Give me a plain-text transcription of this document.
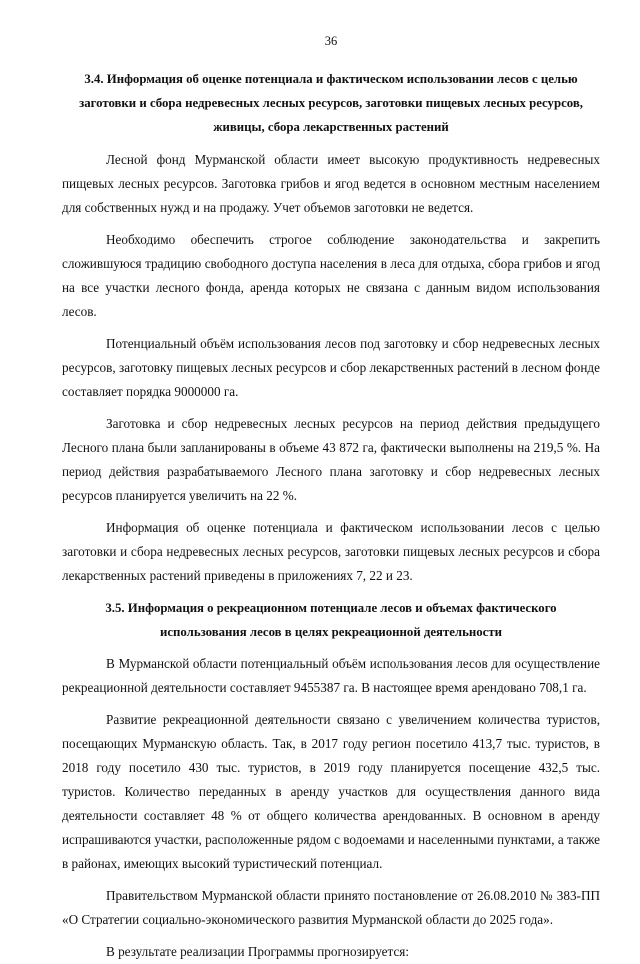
36
3.4. Информация об оценке потенциала и фактическом использовании лесов с целью заготовки и сбора недревесных лесных ресурсов, заготовки пищевых лесных ресурсов, живицы, сбора лекарственных растений

Лесной фонд Мурманской области имеет высокую продуктивность недревесных пищевых лесных ресурсов. Заготовка грибов и ягод ведется в основном местным населением для собственных нужд и на продажу. Учет объемов заготовки не ведется.

Необходимо обеспечить строгое соблюдение законодательства и закрепить сложившуюся традицию свободного доступа населения в леса для отдыха, сбора грибов и ягод на все участки лесного фонда, аренда которых не связана с данным видом использования лесов.

Потенциальный объём использования лесов под заготовку и сбор недревесных лесных ресурсов, заготовку пищевых лесных ресурсов и сбор лекарственных растений в лесном фонде составляет порядка 9000000 га.

Заготовка и сбор недревесных лесных ресурсов на период действия предыдущего Лесного плана были запланированы в объеме 43 872 га, фактически выполнены на 219,5 %. На период действия разрабатываемого Лесного плана заготовку и сбор недревесных лесных ресурсов планируется увеличить на 22 %.

Информация об оценке потенциала и фактическом использовании лесов с целью заготовки и сбора недревесных лесных ресурсов, заготовки пищевых лесных ресурсов и сбора лекарственных растений приведены в приложениях 7, 22 и 23.

3.5. Информация о рекреационном потенциале лесов и объемах фактического использования лесов в целях рекреационной деятельности

В Мурманской области потенциальный объём использования лесов для осуществление рекреационной деятельности составляет 9455387 га. В настоящее время арендовано 708,1 га.

Развитие рекреационной деятельности связано с увеличением количества туристов, посещающих Мурманскую область. Так, в 2017 году регион посетило 413,7 тыс. туристов, в 2018 году посетило 430 тыс. туристов, в 2019 году планируется посещение 432,5 тыс. туристов. Количество переданных в аренду участков для осуществления данного вида деятельности составляет 48 % от общего количества арендованных. В основном в аренду испрашиваются участки, расположенные рядом с водоемами и населенными пунктами, а также в районах, имеющих высокий туристический потенциал.

Правительством Мурманской области принято постановление от 26.08.2010 № 383-ПП «О Стратегии социально-экономического развития Мурманской области до 2025 года».

В результате реализации Программы прогнозируется:
